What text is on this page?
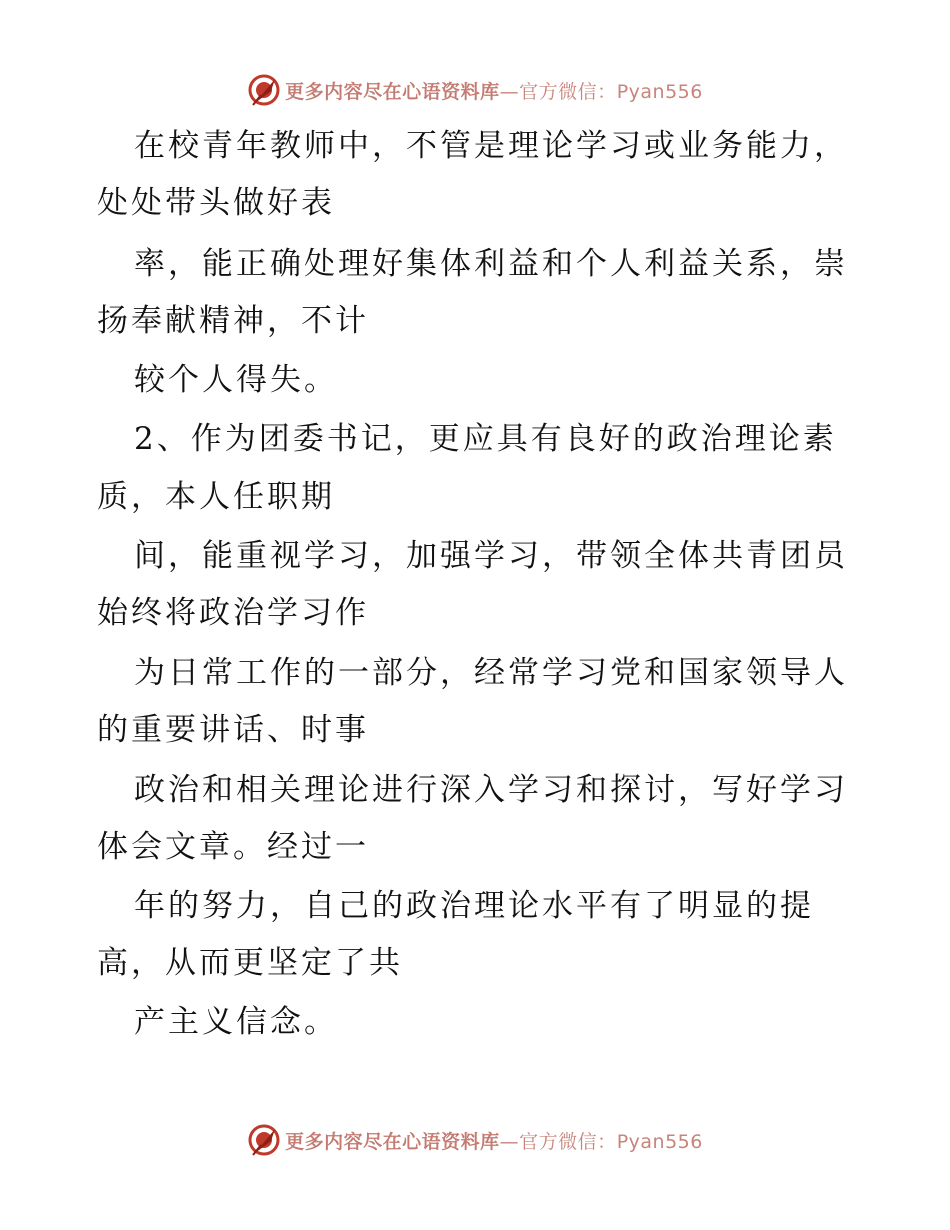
更多内容尽在心语资料库—官方微信：Pyan556
在校青年教师中，不管是理论学习或业务能力，
处处带头做好表
率，能正确处理好集体利益和个人利益关系，崇
扬奉献精神，不计
较个人得失。
2、作为团委书记，更应具有良好的政治理论素
质，本人任职期
间，能重视学习，加强学习，带领全体共青团员
始终将政治学习作
为日常工作的一部分，经常学习党和国家领导人
的重要讲话、时事
政治和相关理论进行深入学习和探讨，写好学习
体会文章。经过一
年的努力，自己的政治理论水平有了明显的提
高，从而更坚定了共
产主义信念。
更多内容尽在心语资料库—官方微信：Pyan556
